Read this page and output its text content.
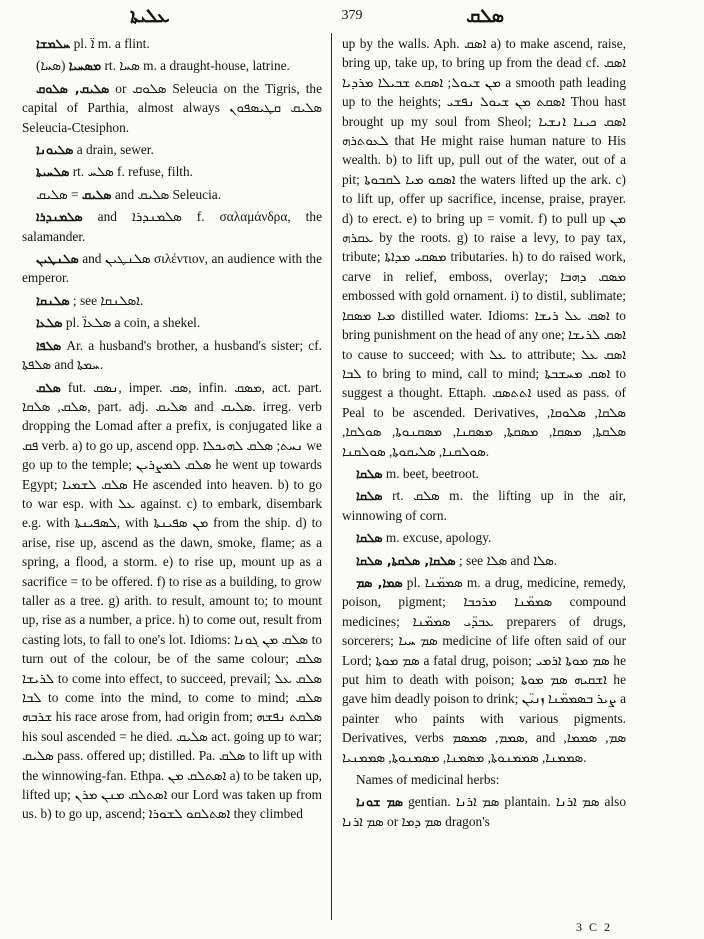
ܥܠܝܬܐ	379	ܣܠܩ

ܚܠܡܫܐ pl. ܐ̈ m. a flint.

ܡܣܚܝܐ (ܣܚܐ) rt. ܣܚܐ m. a draught-house, latrine.

ܣܠܝܩ, ܣܠܘܩ or ܣܠܘܩ Seleucia on the Tigris, the capital of Parthia, almost always ܣܠܝܩ ܩܛܝܣܦܘܢ Seleucia-Ctesiphon.

ܣܠܝܘܢܐ a drain, sewer.

ܣܠܚܝܬܐ rt. ܣܠܚ f. refuse, filth.

ܣܠܝܩ = ܣܠܝܩ and ܣܠܝܩ Seleucia.

ܣܠܡܢܕܪܐ and ܣܠܡܢܕܪܐ f. σαλαμάνδρα, the salamander.

ܣܠܢܛܝܢ and ܣܠܢܛܝܢ σιλέντιον, an audience with the emperor.

ܣܠܢܩܐ ; see ܐܣܠܢܩܐ.

ܣܠܥܐ pl. ܣܠܥܐ̈ a coin, a shekel.

ܣܠܦܐ Ar. a husband's brother, a husband's sister; cf. ܣܠܦܬܐ and ܚܡܬܐ.

ܣܠܩ fut. ܢܣܩ, imper. ܣܩ, infin. ܡܣܩ, act. part. ܣܠܩ, ܣܠܩܐ, part. adj. ܣܠܝܩ and ܣܠܝܩ. irreg. verb dropping the Lomad after a prefix, is conjugated like a ܦܩ verb. a) to go up, ascend opp. ܢܚܬ; ܣܠܩ ܠܗܝܟܠܐ we go up to the temple; ܣܠܩ ܠܡܨܪܝܢ he went up towards Egypt; ܣܠܩ ܠܫܡܝܐ He ascended into heaven. b) to go to war esp. with ܥܠ against. c) to embark, disembark e.g. with ܠܣܦܝܢܬܐ, with ܡܢ ܣܦܝܢܬܐ from the ship. d) to arise, rise up, ascend as the dawn, smoke, flame; as a spring, a flood, a storm. e) to rise up, mount up as a sacrifice = to be offered. f) to rise as a building, to grow taller as a tree. g) arith. to result, amount to; to mount up, rise as a number, a price. h) to come out, result from casting lots, to fall to one's lot. Idioms: ܣܠܩ ܡܢ ܓܘܢܐ to turn out of the colour, be of the same colour; ܣܠܩ ܠܪܝܫܐ to come into effect, to succeed, prevail; ܣܠܩ ܥܠ ܠܒܐ to come into the mind, to come to mind; ܣܠܩ ܫܪܒܗ his race arose from, had origin from; ܣܠܩܬ ܢܦܫܗ his soul ascended = he died. ܣܠܝܩ act. going up to war; ܣܠܝܩ pass. offered up; distilled. Pa. ܣܠܩ to lift up with the winnowing-fan. Ethpa. ܐܣܬܠܩ ܡܢ a) to be taken up, lifted up; ܐܣܬܠܩ ܡܢܢ ܡܪܢ our Lord was taken up from us. b) to go up, ascend; ܐܣܬܠܩܘ ܠܫܘܪܐ they climbed

up by the walls. Aph. ܐܣܩ a) to make ascend, raise, bring up, take up, to bring up from the dead cf. ܐܣܩ ܡܢ ܫܝܘܠ; ܐܣܩܬ ܫܒܝܠܐ ܡܪܕܝܐ a smooth path leading up to the heights; ܐܣܩܬ ܡܢ ܫܝܘܠ ܢܦܫܝ Thou hast brought up my soul from Sheol; ܐܣܩ ܟܝܢܐ ܐܢܫܝܐ ܠܥܘܬܪܗ that He might raise human nature to His wealth. b) to lift up, pull out of the water, out of a pit; ܐܣܩܘ ܡܝܐ ܠܩܒܘܬܐ the waters lifted up the ark. c) to lift up, offer up sacrifice, incense, praise, prayer. d) to erect. e) to bring up = vomit. f) to pull up ܡܢ ܥܩܪܗ by the roots. g) to raise a levy, to pay tax, tribute; ܡܣܩܝ ܡܕܐܬܐ tributaries. h) to do raised work, carve in relief, emboss, overlay; ܡܣܩ ܕܗܒܐ embossed with gold ornament. i) to distil, sublimate; ܡܝܐ ܡܣܩܐ distilled water. Idioms: ܐܣܩ ܥܠ ܪܝܫܐ to bring punishment on the head of any one; ܐܣܩ ܠܪܝܫܐ to cause to succeed; with ܥܠ to attribute; ܐܣܩ ܥܠ ܠܒܐ to bring to mind, call to mind; ܐܣܩ ܡܚܫܒܬܐ to suggest a thought. Ettaph. ܐܬܬܣܩ used as pass. of Peal to be ascended. Derivatives, ܣܠܩܐ, ܣܠܘܩܐ, ܣܠܩܬܐ, ܡܣܩܐ, ܡܣܩܬܐ, ܡܣܩܢܐ, ܡܣܩܢܘܬܐ, ܣܘܠܩܐ, ܣܘܠܩܢܐ, ܣܠܝܩܘܬܐ, ܣܘܠܩܢܐ.

ܣܠܩܐ m. beet, beetroot.

ܣܠܩܐ rt. ܣܠܩ m. the lifting up in the air, winnowing of corn.

ܣܠܩܐ m. excuse, apology.

ܣܠܩܐ, ܣܠܩܬܐ, ܣܠܩܐ ; see ܣܠܐ and ܣܠܐ.

ܣܡܐ, ܣܡ pl. ܣܡܡ̈ܢܐ m. a drug, medicine, remedy, poison, pigment; ܣܡܡ̈ܢܐ ܡܪܟܒܐ compound medicines; ܥܒܕ̈ܝ ܣܡܡ̈ܢܐ preparers of drugs, sorcerers; ܣܡ ܚܝܐ medicine of life often said of our Lord; ܣܡ ܡܘܬܐ a fatal drug, poison; ܣܡ ܡܘܬܐ ܐܪܡܝ he put him to death with poison; ܐܫܩܝܗ ܣܡ ܡܘܬܐ he gave him deadly poison to drink; ܨܝܪ ܒܣܡܡ̈ܢܐ ܙܢܝ̈ܢ a painter who paints with various pigments. Derivatives, verbs ܣܡܡ, ܣܡܣܡ, and ܣܡ, ܣܡܡܐ, ܣܡܡܢܐ, ܣܡܡܢܘܬܐ, ܡܣܡܢܐ, ܡܣܡܢܘܬܐ, ܣܡܡܢܝܐ.

Names of medicinal herbs:

ܣܡ ܫܘܢܐ gentian. ܣܡ ܐܪܢܐ plantain. ܣܡ ܐܪܢܐ also ܣܡ ܐܪܢܐ or ܣܡ ܕܡܐ dragon's

3 C 2
